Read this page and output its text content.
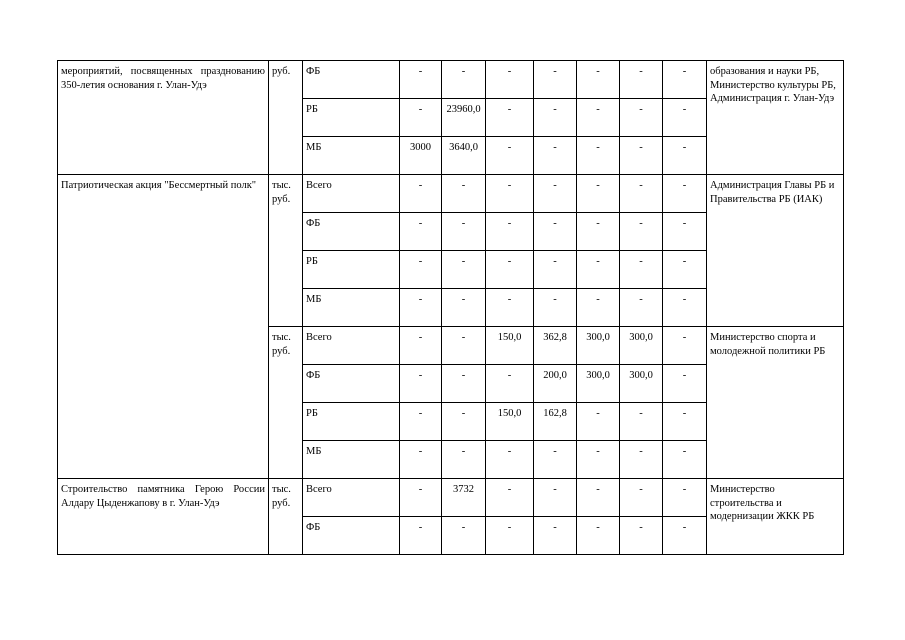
мероприятий, посвященных празднованию 350-летия основания г. Улан-Удэ	руб.	ФБ	-	-	-	-	-	-	-	образования и науки РБ, Министерство культуры РБ, Администрация г. Улан-Удэ
		РБ	-	23960,0	-	-	-	-	-	
		МБ	3000	3640,0	-	-	-	-	-	
Патриотическая акция "Бессмертный полк"	тыс. руб.	Всего	-	-	-	-	-	-	-	Администрация Главы РБ и Правительства РБ (ИАК)
		ФБ	-	-	-	-	-	-	-	
		РБ	-	-	-	-	-	-	-	
		МБ	-	-	-	-	-	-	-	
	тыс. руб.	Всего	-	-	150,0	362,8	300,0	300,0	-	Министерство спорта и молодежной политики РБ
		ФБ	-	-	-	200,0	300,0	300,0	-	
		РБ	-	-	150,0	162,8	-	-	-	
		МБ	-	-	-	-	-	-	-	
Строительство памятника Герою России Алдару Цыденжапову в г. Улан-Удэ	тыс. руб.	Всего	-	3732	-	-	-	-	-	Министерство строительства и модернизации ЖКК РБ
		ФБ	-	-	-	-	-	-	-	
